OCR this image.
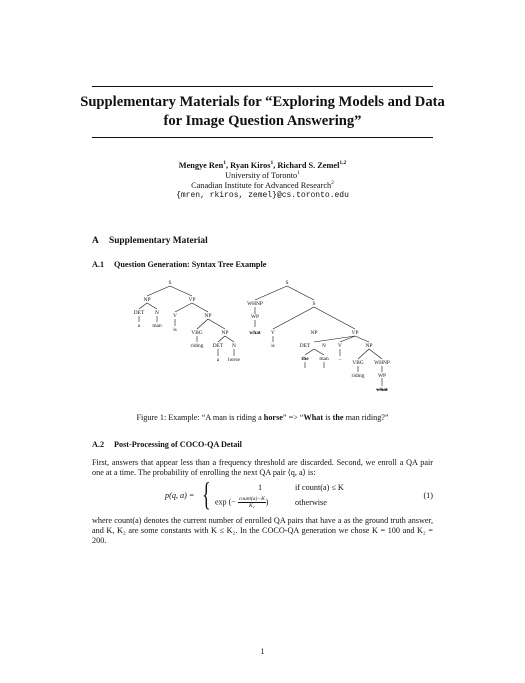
Supplementary Materials for “Exploring Models and Data for Image Question Answering”
Mengye Ren$^1$, Ryan Kiros$^1$, Richard S. Zemel$^{1,2}$
University of Toronto$^1$
Canadian Institute for Advanced Research$^2$
{mren, rkiros, zemel}@cs.toronto.edu
A Supplementary Material
A.1 Question Generation: Syntax Tree Example
S
NP	VP
DET N	V	NP
a man
is	VBG	NP
riding DET N
a horse
S
WHNP	S
WP
what V	NP	VP
is	DET N V	NP
the man – VBG WHNP
riding	WP
what
Figure 1: Example: “A man is riding a horse” => “What is the man riding?”
A.2 Post-Processing of COCO-QA Detail
First, answers that appear less than a frequency threshold are discarded. Second, we enroll a QA pair one at a time. The probability of enrolling the next QA pair ⟨q, a⟩ is:
p(q, a) = {	1
exp (− $\frac{\text{count(a)−K}}{\text{K₂}}$)
if count(a) ≤ K
otherwise
(1)
where count(a) denotes the current number of enrolled QA pairs that have a as the ground truth answer, and K, K₂ are some constants with K ≤ K₂. In the COCO-QA generation we chose K = 100 and K₂ = 200.
1
